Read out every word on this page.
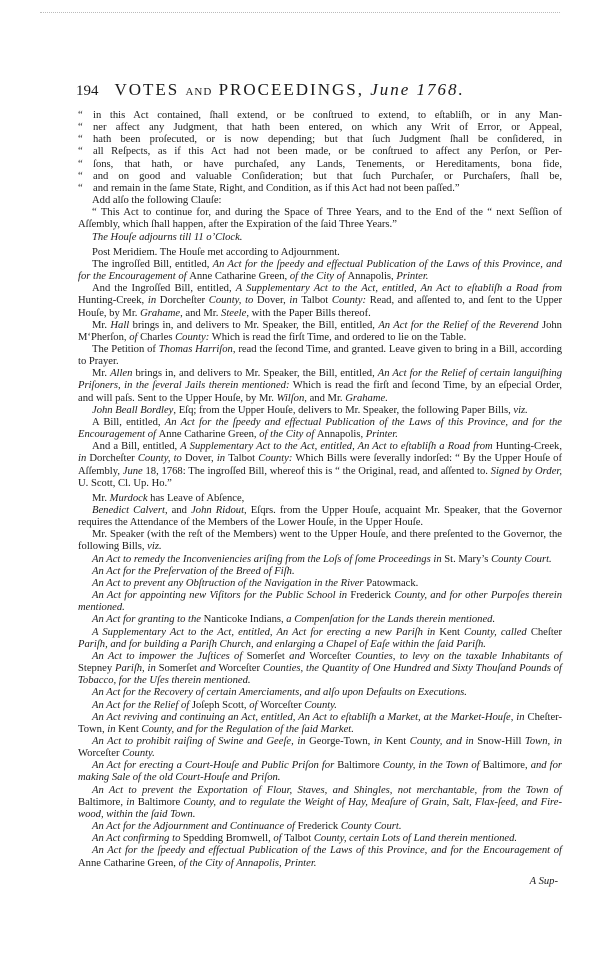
194 VOTES AND PROCEEDINGS, June 1768.
“ in this Act contained, ſhall extend, or be conſtrued to extend, to eſtabliſh, or in any Man-
“ ner affect any Judgment, that hath been entered, on which any Writ of Error, or Appeal,
“ hath been proſecuted, or is now depending; but that ſuch Judgment ſhall be conſidered, in
“ all Reſpects, as if this Act had not been made, or be conſtrued to affect any Perſon, or Per-
“ ſons, that hath, or have purchaſed, any Lands, Tenements, or Hereditaments, bona fide,
“ and on good and valuable Conſideration; but that ſuch Purchaſer, or Purchaſers, ſhall be,
“ and remain in the ſame State, Right, and Condition, as if this Act had not been paſſed.”

Add alſo the following Clauſe:

“ This Act to continue for, and during the Space of Three Years, and to the End of the “ next Seſſion of Aſſembly, which ſhall happen, after the Expiration of the ſaid Three Years.”

The Houſe adjourns till 11 o’Clock.

Post Meridiem. The Houſe met according to Adjournment.

The ingroſſed Bill, entitled, An Act for the ſpeedy and effectual Publication of the Laws of this Province, and for the Encouragement of Anne Catharine Green, of the City of Annapolis, Printer.

And the Ingroſſed Bill, entitled, A Supplementary Act to the Act, entitled, An Act to eſtabliſh a Road from Hunting-Creek, in Dorcheſter County, to Dover, in Talbot County: Read, and aſſented to, and ſent to the Upper Houſe, by Mr. Grahame, and Mr. Steele, with the Paper Bills thereof.

Mr. Hall brings in, and delivers to Mr. Speaker, the Bill, entitled, An Act for the Relief of the Reverend John M‘Pherſon, of Charles County: Which is read the firſt Time, and ordered to lie on the Table.

The Petition of Thomas Harriſon, read the ſecond Time, and granted. Leave given to bring in a Bill, according to Prayer.

Mr. Allen brings in, and delivers to Mr. Speaker, the Bill, entitled, An Act for the Relief of certain languiſhing Priſoners, in the ſeveral Jails therein mentioned: Which is read the firſt and ſecond Time, by an eſpecial Order, and will paſs. Sent to the Upper Houſe, by Mr. Wilſon, and Mr. Grahame.

John Beall Bordley, Eſq; from the Upper Houſe, delivers to Mr. Speaker, the following Paper Bills, viz.

A Bill, entitled, An Act for the ſpeedy and effectual Publication of the Laws of this Province, and for the Encouragement of Anne Catharine Green, of the City of Annapolis, Printer.

And a Bill, entitled, A Supplementary Act to the Act, entitled, An Act to eſtabliſh a Road from Hunting-Creek, in Dorcheſter County, to Dover, in Talbot County: Which Bills were ſeverally indorſed: “ By the Upper Houſe of Aſſembly, June 18, 1768: The ingroſſed Bill, whereof this is “ the Original, read, and aſſented to. Signed by Order, U. Scott, Cl. Up. Ho.”

Mr. Murdock has Leave of Abſence,

Benedict Calvert, and John Ridout, Eſqrs. from the Upper Houſe, acquaint Mr. Speaker, that the Governor requires the Attendance of the Members of the Lower Houſe, in the Upper Houſe.

Mr. Speaker (with the reſt of the Members) went to the Upper Houſe, and there preſented to the Governor, the following Bills, viz.

An Act to remedy the Inconveniencies ariſing from the Loſs of ſome Proceedings in St. Mary’s County Court.

An Act for the Preſervation of the Breed of Fiſh.

An Act to prevent any Obſtruction of the Navigation in the River Patowmack.

An Act for appointing new Viſitors for the Public School in Frederick County, and for other Purpoſes therein mentioned.

An Act for granting to the Nanticoke Indians, a Compenſation for the Lands therein mentioned.

A Supplementary Act to the Act, entitled, An Act for erecting a new Pariſh in Kent County, called Cheſter Pariſh, and for building a Pariſh Church, and enlarging a Chapel of Eaſe within the ſaid Pariſh.

An Act to impower the Juſtices of Somerſet and Worceſter Counties, to levy on the taxable Inhabitants of Stepney Pariſh, in Somerſet and Worceſter Counties, the Quantity of One Hundred and Sixty Thouſand Pounds of Tobacco, for the Uſes therein mentioned.

An Act for the Recovery of certain Amerciaments, and alſo upon Defaults on Executions.

An Act for the Relief of Joſeph Scott, of Worceſter County.

An Act reviving and continuing an Act, entitled, An Act to eſtabliſh a Market, at the Market-Houſe, in Cheſter-Town, in Kent County, and for the Regulation of the ſaid Market.

An Act to prohibit raiſing of Swine and Geeſe, in George-Town, in Kent County, and in Snow-Hill Town, in Worceſter County.

An Act for erecting a Court-Houſe and Public Priſon for Baltimore County, in the Town of Baltimore, and for making Sale of the old Court-Houſe and Priſon.

An Act to prevent the Exportation of Flour, Staves, and Shingles, not merchantable, from the Town of Baltimore, in Baltimore County, and to regulate the Weight of Hay, Meaſure of Grain, Salt, Flax-ſeed, and Fire-wood, within the ſaid Town.

An Act for the Adjournment and Continuance of Frederick County Court.

An Act confirming to Spedding Bromwell, of Talbot County, certain Lots of Land therein mentioned.

An Act for the ſpeedy and effectual Publication of the Laws of this Province, and for the Encouragement of Anne Catharine Green, of the City of Annapolis, Printer.

A Sup-
